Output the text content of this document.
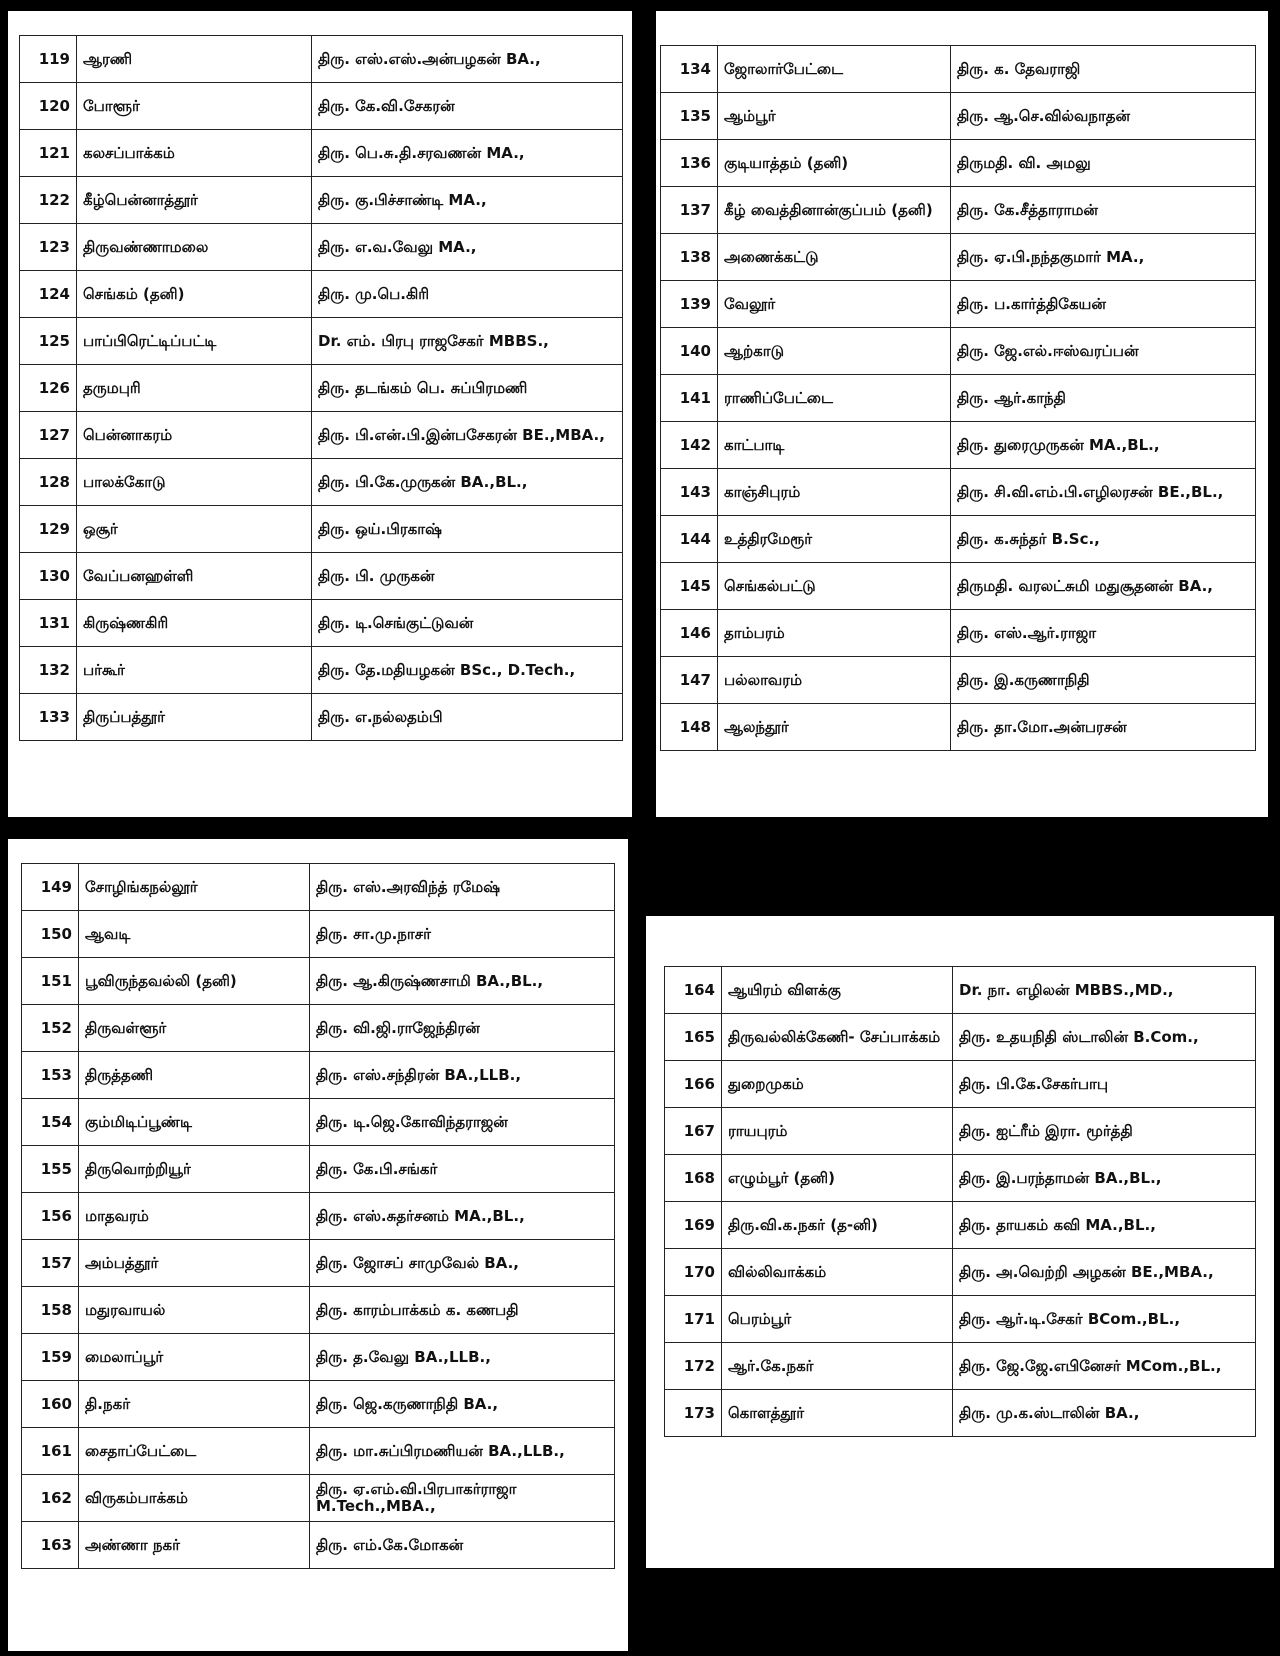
119	ஆரணி	திரு. எஸ்.எஸ்.அன்பழகன் BA.,
120	போளூர்	திரு. கே.வி.சேகரன்
121	கலசப்பாக்கம்	திரு. பெ.சு.தி.சரவணன் MA.,
122	கீழ்பென்னாத்தூர்	திரு. கு.பிச்சாண்டி MA.,
123	திருவண்ணாமலை	திரு. எ.வ.வேலு MA.,
124	செங்கம் (தனி)	திரு. மு.பெ.கிரி
125	பாப்பிரெட்டிப்பட்டி	Dr. எம். பிரபு ராஜசேகர் MBBS.,
126	தருமபுரி	திரு. தடங்கம் பெ. சுப்பிரமணி
127	பென்னாகரம்	திரு. பி.என்.பி.இன்பசேகரன் BE.,MBA.,
128	பாலக்கோடு	திரு. பி.கே.முருகன் BA.,BL.,
129	ஒசூர்	திரு. ஒய்.பிரகாஷ்
130	வேப்பனஹள்ளி	திரு. பி. முருகன்
131	கிருஷ்ணகிரி	திரு. டி.செங்குட்டுவன்
132	பர்கூர்	திரு. தே.மதியழகன் BSc., D.Tech.,
133	திருப்பத்தூர்	திரு. எ.நல்லதம்பி
134	ஜோலார்பேட்டை	திரு. க. தேவராஜி
135	ஆம்பூர்	திரு. ஆ.செ.வில்வநாதன்
136	குடியாத்தம் (தனி)	திருமதி. வி. அமலு
137	கீழ் வைத்தினான்குப்பம் (தனி)	திரு. கே.சீத்தாராமன்
138	அணைக்கட்டு	திரு. ஏ.பி.நந்தகுமார் MA.,
139	வேலூர்	திரு. ப.கார்த்திகேயன்
140	ஆற்காடு	திரு. ஜே.எல்.ஈஸ்வரப்பன்
141	ராணிப்பேட்டை	திரு. ஆர்.காந்தி
142	காட்பாடி	திரு. துரைமுருகன் MA.,BL.,
143	காஞ்சிபுரம்	திரு. சி.வி.எம்.பி.எழிலரசன் BE.,BL.,
144	உத்திரமேரூர்	திரு. க.சுந்தர் B.Sc.,
145	செங்கல்பட்டு	திருமதி. வரலட்சுமி மதுசூதனன் BA.,
146	தாம்பரம்	திரு. எஸ்.ஆர்.ராஜா
147	பல்லாவரம்	திரு. இ.கருணாநிதி
148	ஆலந்தூர்	திரு. தா.மோ.அன்பரசன்
149	சோழிங்கநல்லூர்	திரு. எஸ்.அரவிந்த் ரமேஷ்
150	ஆவடி	திரு. சா.மு.நாசர்
151	பூவிருந்தவல்லி (தனி)	திரு. ஆ.கிருஷ்ணசாமி BA.,BL.,
152	திருவள்ளூர்	திரு. வி.ஜி.ராஜேந்திரன்
153	திருத்தணி	திரு. எஸ்.சந்திரன் BA.,LLB.,
154	கும்மிடிப்பூண்டி	திரு. டி.ஜெ.கோவிந்தராஜன்
155	திருவொற்றியூர்	திரு. கே.பி.சங்கர்
156	மாதவரம்	திரு. எஸ்.சுதர்சனம் MA.,BL.,
157	அம்பத்தூர்	திரு. ஜோசப் சாமுவேல் BA.,
158	மதுரவாயல்	திரு. காரம்பாக்கம் க. கணபதி
159	மைலாப்பூர்	திரு. த.வேலு BA.,LLB.,
160	தி.நகர்	திரு. ஜெ.கருணாநிதி BA.,
161	சைதாப்பேட்டை	திரு. மா.சுப்பிரமணியன் BA.,LLB.,
162	விருகம்பாக்கம்	திரு. ஏ.எம்.வி.பிரபாகர்ராஜா M.Tech.,MBA.,
163	அண்ணா நகர்	திரு. எம்.கே.மோகன்
164	ஆயிரம் விளக்கு	Dr. நா. எழிலன் MBBS.,MD.,
165	திருவல்லிக்கேணி- சேப்பாக்கம்	திரு. உதயநிதி ஸ்டாலின் B.Com.,
166	துறைமுகம்	திரு. பி.கே.சேகர்பாபு
167	ராயபுரம்	திரு. ஐட்ரீம் இரா. மூர்த்தி
168	எழும்பூர் (தனி)	திரு. இ.பரந்தாமன் BA.,BL.,
169	திரு.வி.க.நகர் (த-னி)	திரு. தாயகம் கவி MA.,BL.,
170	வில்லிவாக்கம்	திரு. அ.வெற்றி அழகன் BE.,MBA.,
171	பெரம்பூர்	திரு. ஆர்.டி.சேகர் BCom.,BL.,
172	ஆர்.கே.நகர்	திரு. ஜே.ஜே.எபினேசர் MCom.,BL.,
173	கொளத்தூர்	திரு. மு.க.ஸ்டாலின் BA.,
